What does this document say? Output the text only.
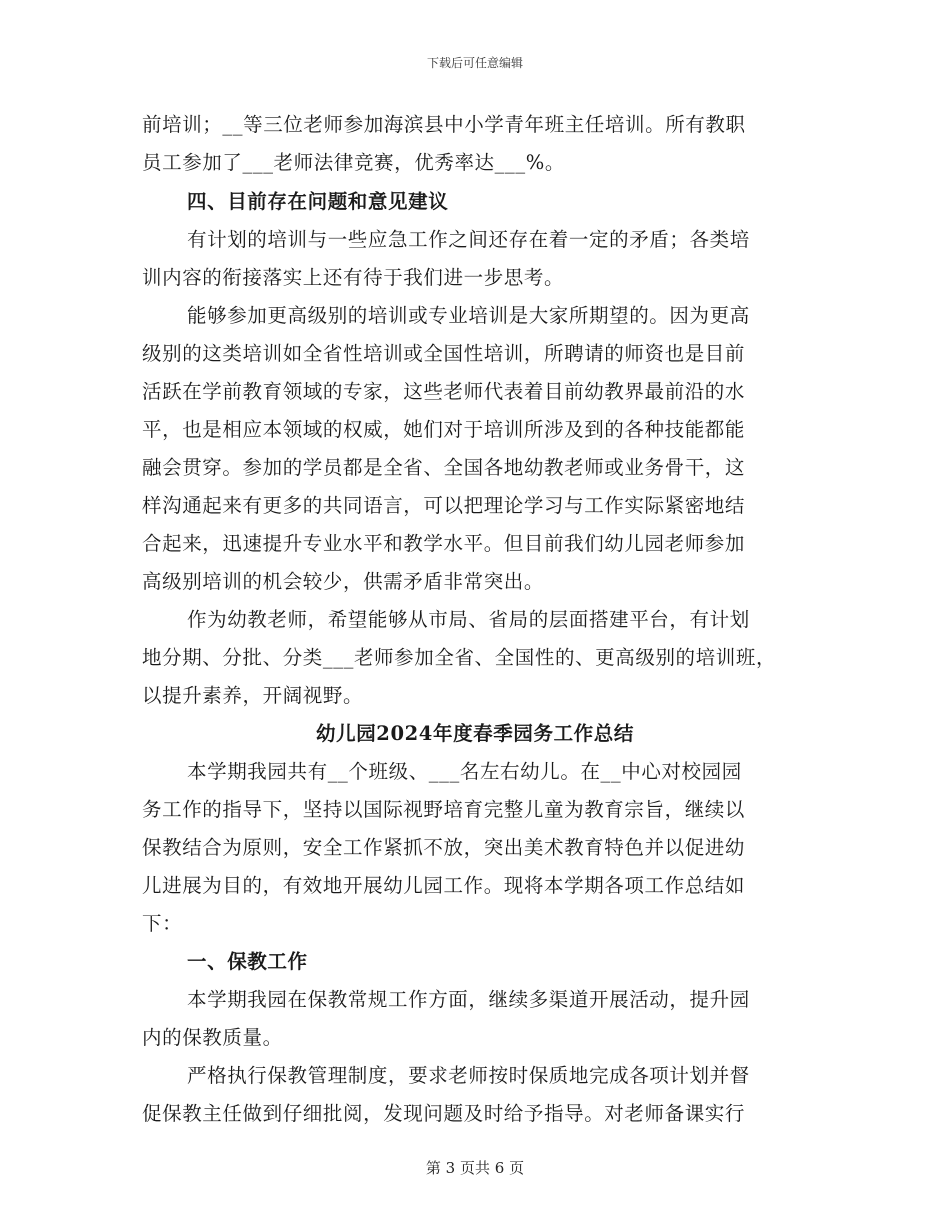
下载后可任意编辑
前培训；__等三位老师参加海滨县中小学青年班主任培训。所有教职
员工参加了___老师法律竞赛，优秀率达___%。
四、目前存在问题和意见建议
有计划的培训与一些应急工作之间还存在着一定的矛盾；各类培
训内容的衔接落实上还有待于我们进一步思考。
能够参加更高级别的培训或专业培训是大家所期望的。因为更高
级别的这类培训如全省性培训或全国性培训，所聘请的师资也是目前
活跃在学前教育领域的专家，这些老师代表着目前幼教界最前沿的水
平，也是相应本领域的权威，她们对于培训所涉及到的各种技能都能
融会贯穿。参加的学员都是全省、全国各地幼教老师或业务骨干，这
样沟通起来有更多的共同语言，可以把理论学习与工作实际紧密地结
合起来，迅速提升专业水平和教学水平。但目前我们幼儿园老师参加
高级别培训的机会较少，供需矛盾非常突出。
作为幼教老师，希望能够从市局、省局的层面搭建平台，有计划
地分期、分批、分类___老师参加全省、全国性的、更高级别的培训班，
以提升素养，开阔视野。
幼儿园2024年度春季园务工作总结
本学期我园共有__个班级、___名左右幼儿。在__中心对校园园
务工作的指导下，坚持以国际视野培育完整儿童为教育宗旨，继续以
保教结合为原则，安全工作紧抓不放，突出美术教育特色并以促进幼
儿进展为目的，有效地开展幼儿园工作。现将本学期各项工作总结如
下：
一、保教工作
本学期我园在保教常规工作方面，继续多渠道开展活动，提升园
内的保教质量。
严格执行保教管理制度，要求老师按时保质地完成各项计划并督
促保教主任做到仔细批阅，发现问题及时给予指导。对老师备课实行
第 3 页共 6 页
